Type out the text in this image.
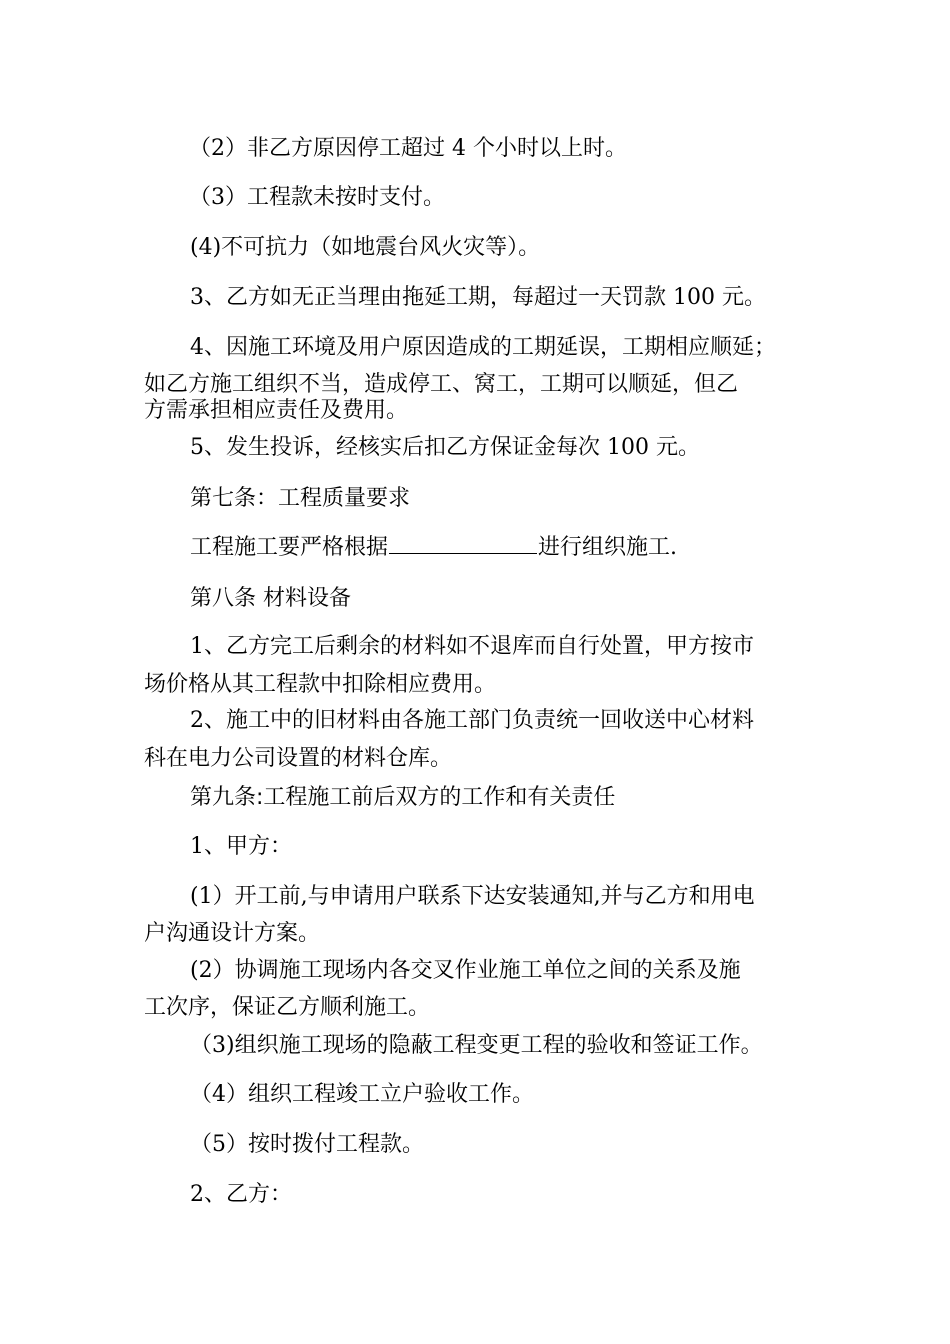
（2）非乙方原因停工超过 4 个小时以上时。
（3）工程款未按时支付。
(4)不可抗力（如地震台风火灾等）。
3、乙方如无正当理由拖延工期，每超过一天罚款 100 元。
4、因施工环境及用户原因造成的工期延误，工期相应顺延；
如乙方施工组织不当，造成停工、窝工，工期可以顺延，但乙
方需承担相应责任及费用。
5、发生投诉，经核实后扣乙方保证金每次 100 元。
第七条：工程质量要求
工程施工要严格根据	进行组织施工.
第八条 材料设备
1、乙方完工后剩余的材料如不退库而自行处置，甲方按市
场价格从其工程款中扣除相应费用。
2、施工中的旧材料由各施工部门负责统一回收送中心材料
科在电力公司设置的材料仓库。
第九条:工程施工前后双方的工作和有关责任
1、甲方：
(1）开工前,与申请用户联系下达安装通知,并与乙方和用电
户沟通设计方案。
(2）协调施工现场内各交叉作业施工单位之间的关系及施
工次序，保证乙方顺利施工。
（3)组织施工现场的隐蔽工程变更工程的验收和签证工作。
（4）组织工程竣工立户验收工作。
（5）按时拨付工程款。
2、乙方：
